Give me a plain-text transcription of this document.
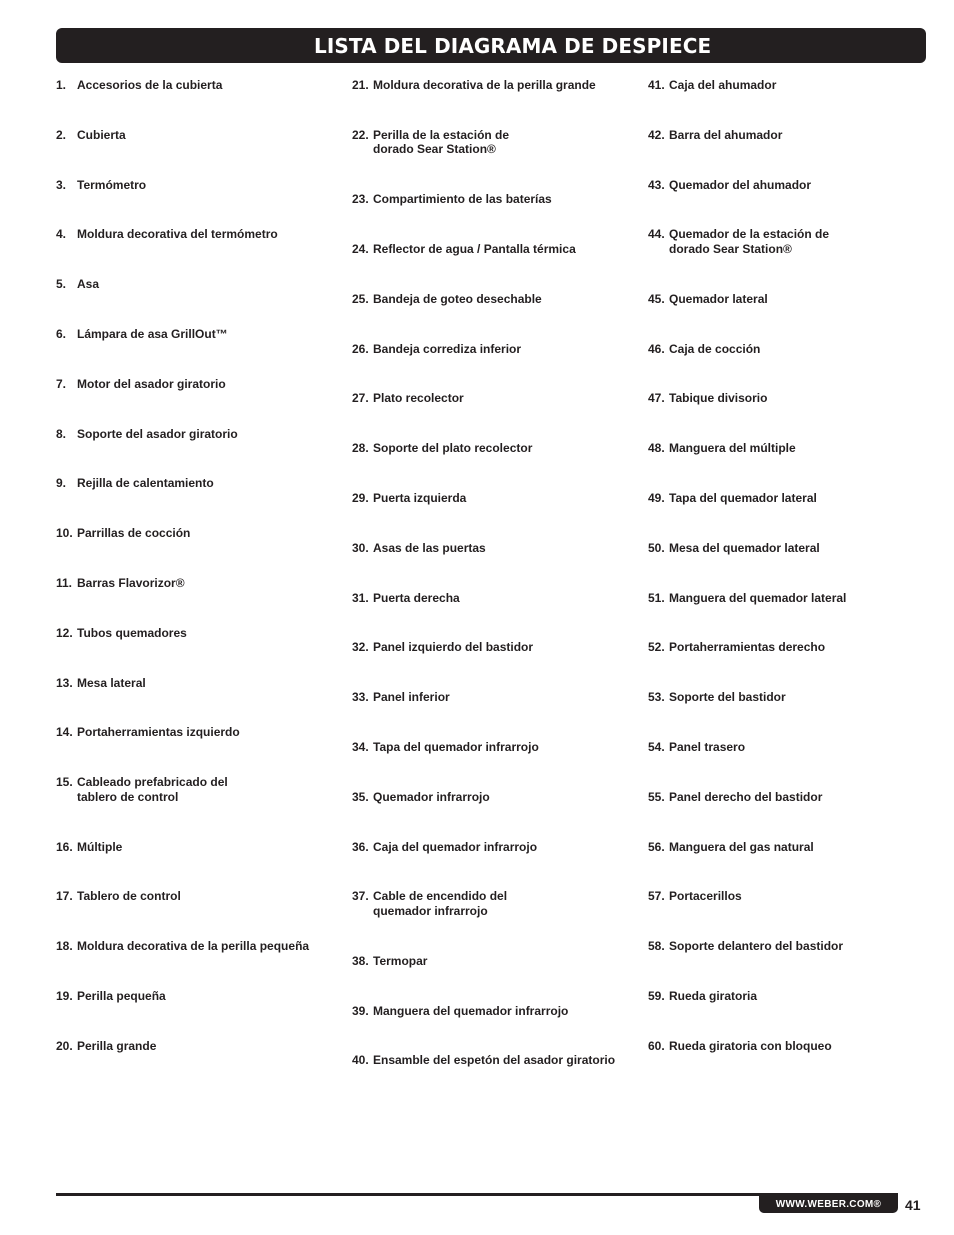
LISTA DEL DIAGRAMA DE DESPIECE
1. Accesorios de la cubierta
2. Cubierta
3. Termómetro
4. Moldura decorativa del termómetro
5. Asa
6. Lámpara de asa GrillOut™
7. Motor del asador giratorio
8. Soporte del asador giratorio
9. Rejilla de calentamiento
10. Parrillas de cocción
11. Barras Flavorizor®
12. Tubos quemadores
13. Mesa lateral
14. Portaherramientas izquierdo
15. Cableado prefabricado del
tablero de control
16. Múltiple
17. Tablero de control
18. Moldura decorativa de la perilla pequeña
19. Perilla pequeña
20. Perilla grande
21. Moldura decorativa de la perilla grande
22. Perilla de la estación de
dorado Sear Station®
23. Compartimiento de las baterías
24. Reflector de agua / Pantalla térmica
25. Bandeja de goteo desechable
26. Bandeja corrediza inferior
27. Plato recolector
28. Soporte del plato recolector
29. Puerta izquierda
30. Asas de las puertas
31. Puerta derecha
32. Panel izquierdo del bastidor
33. Panel inferior
34. Tapa del quemador infrarrojo
35. Quemador infrarrojo
36. Caja del quemador infrarrojo
37. Cable de encendido del
quemador infrarrojo
38. Termopar
39. Manguera del quemador infrarrojo
40. Ensamble del espetón del asador giratorio
41. Caja del ahumador
42. Barra del ahumador
43. Quemador del ahumador
44. Quemador de la estación de
dorado Sear Station®
45. Quemador lateral
46. Caja de cocción
47. Tabique divisorio
48. Manguera del múltiple
49. Tapa del quemador lateral
50. Mesa del quemador lateral
51. Manguera del quemador lateral
52. Portaherramientas derecho
53. Soporte del bastidor
54. Panel trasero
55. Panel derecho del bastidor
56. Manguera del gas natural
57. Portacerillos
58. Soporte delantero del bastidor
59. Rueda giratoria
60. Rueda giratoria con bloqueo
WWW.WEBER.COM®	41
